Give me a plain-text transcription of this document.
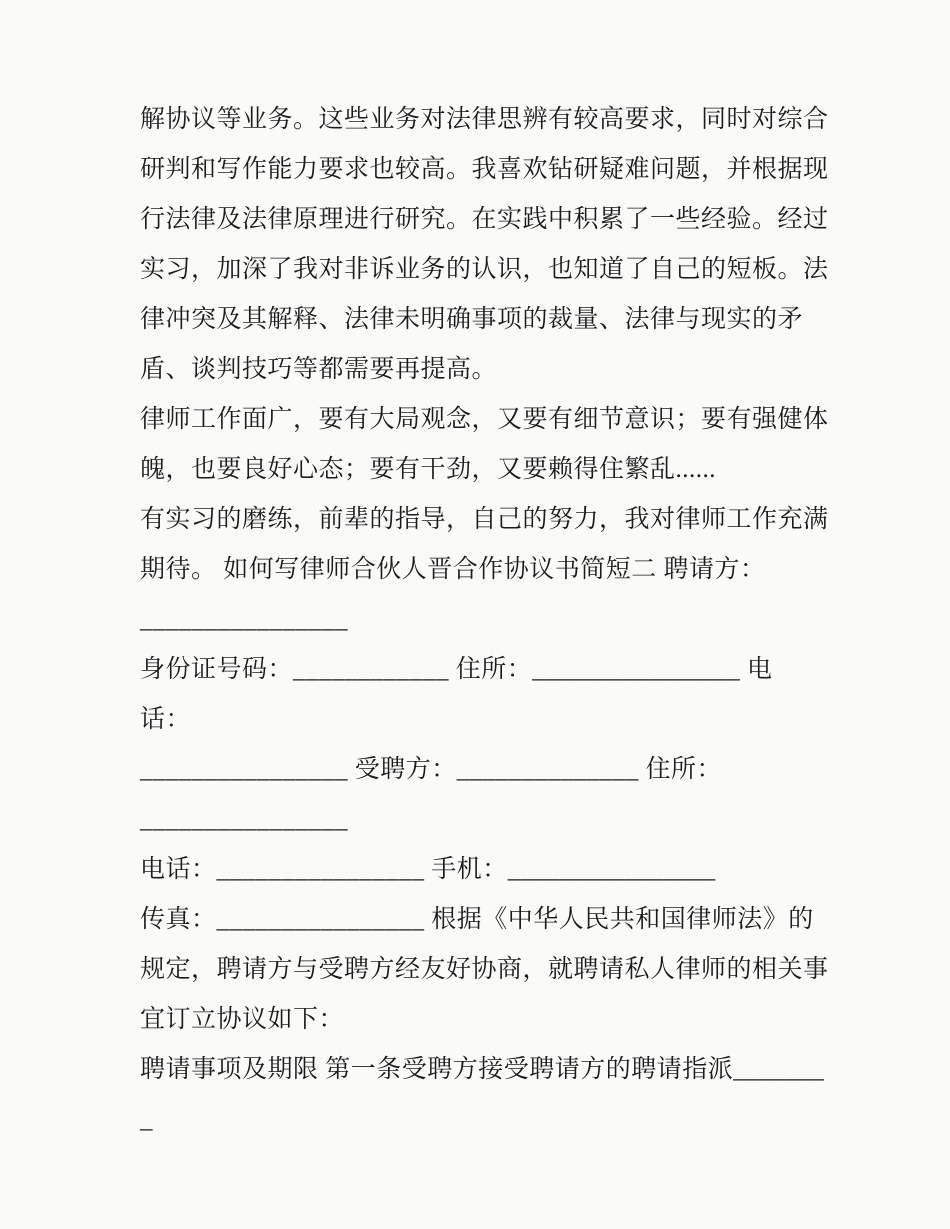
解协议等业务。这些业务对法律思辨有较高要求，同时对综合

研判和写作能力要求也较高。我喜欢钻研疑难问题，并根据现

行法律及法律原理进行研究。在实践中积累了一些经验。经过

实习，加深了我对非诉业务的认识，也知道了自己的短板。法

律冲突及其解释、法律未明确事项的裁量、法律与现实的矛

盾、谈判技巧等都需要再提高。

律师工作面广，要有大局观念，又要有细节意识；要有强健体

魄，也要良好心态；要有干劲，又要赖得住繁乱......

有实习的磨练，前辈的指导，自己的努力，我对律师工作充满

期待。 如何写律师合伙人晋合作协议书简短二 聘请方：

________________

身份证号码：____________ 住所：________________ 电

话：

________________ 受聘方：______________ 住所：

________________

电话：________________ 手机：________________

传真：________________ 根据《中华人民共和国律师法》的

规定，聘请方与受聘方经友好协商，就聘请私人律师的相关事

宜订立协议如下：

聘请事项及期限 第一条受聘方接受聘请方的聘请指派________
